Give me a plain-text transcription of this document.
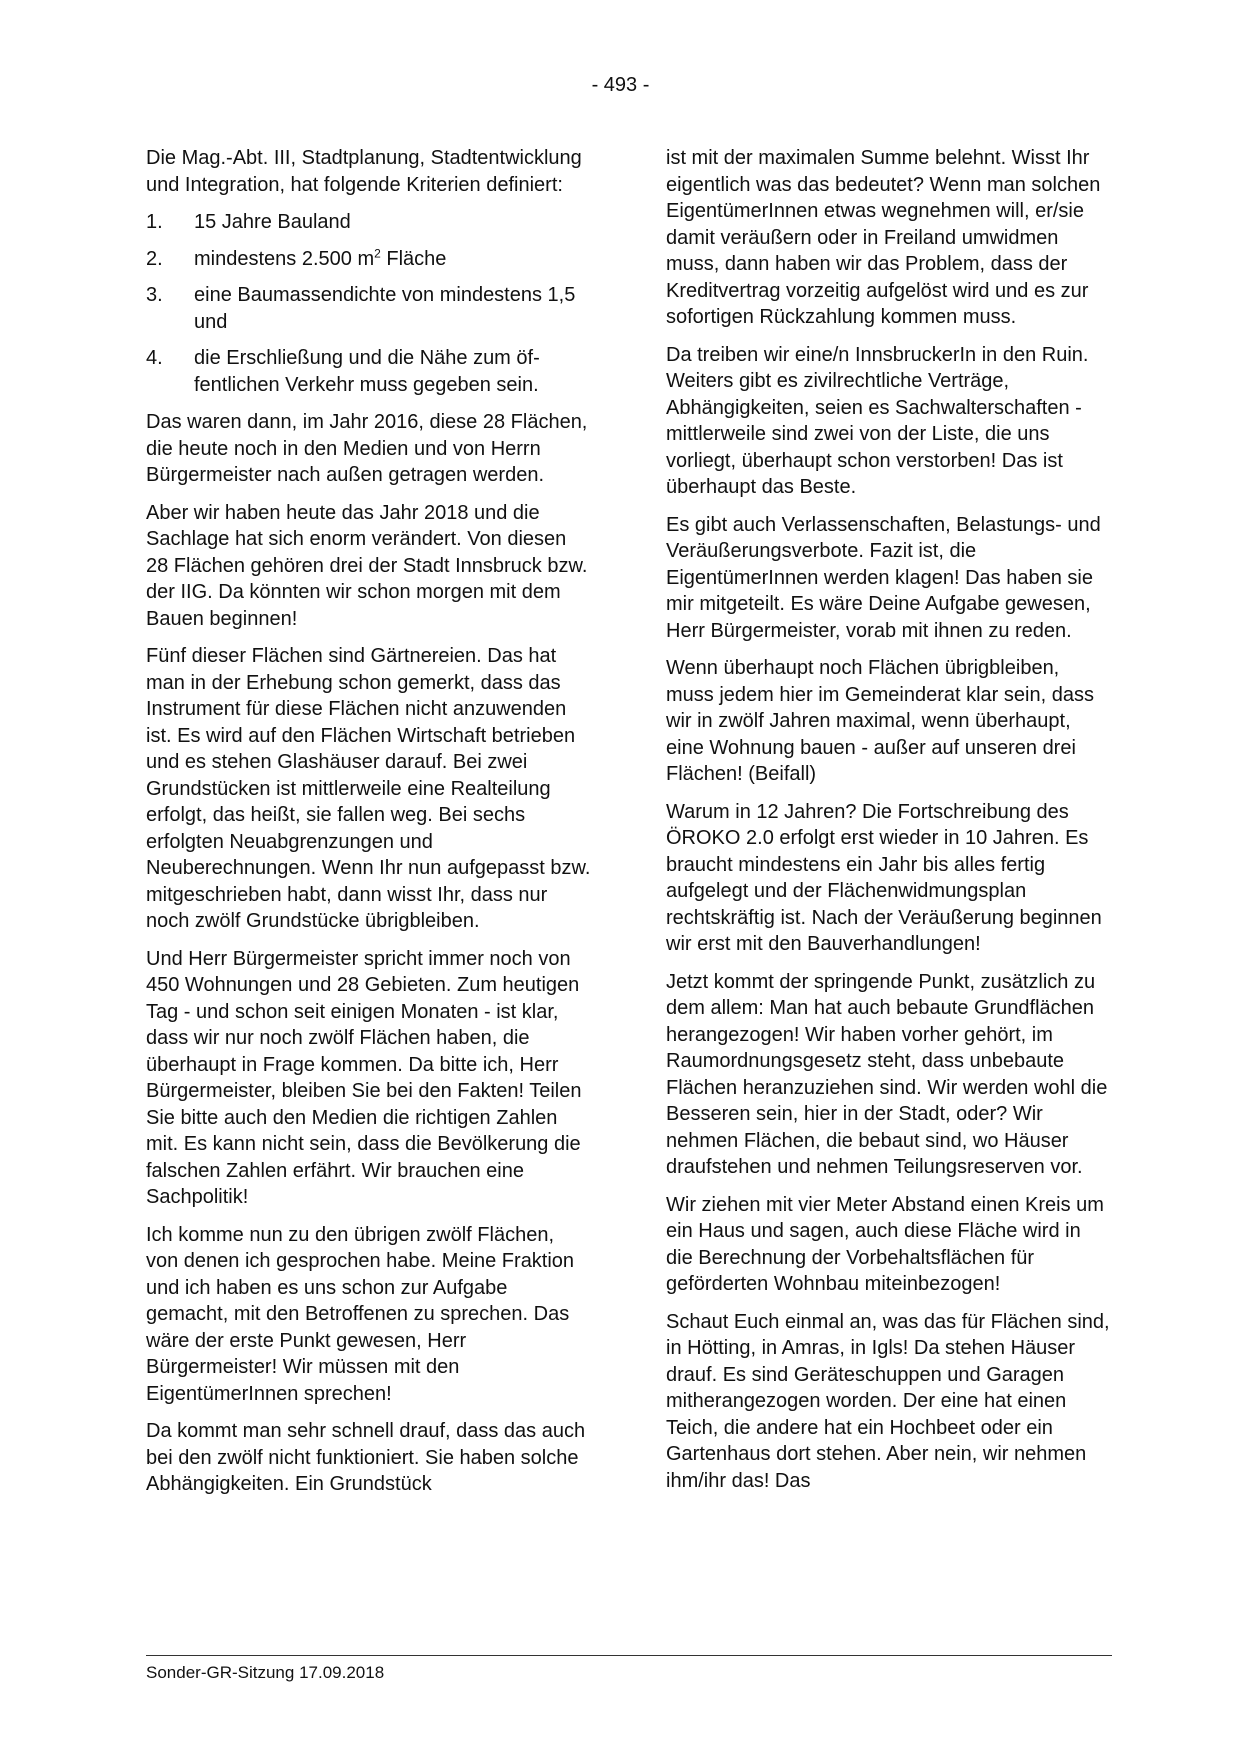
- 493 -

Die Mag.-Abt. III, Stadtplanung, Stadtentwicklung und Integration, hat folgende Kriterien definiert:

1. 15 Jahre Bauland
2. mindestens 2.500 $m^2$ Fläche
3. eine Baumassendichte von mindestens 1,5 und
4. die Erschließung und die Nähe zum öffentlichen Verkehr muss gegeben sein.

Das waren dann, im Jahr 2016, diese 28 Flächen, die heute noch in den Medien und von Herrn Bürgermeister nach außen getragen werden.

Aber wir haben heute das Jahr 2018 und die Sachlage hat sich enorm verändert. Von diesen 28 Flächen gehören drei der Stadt Innsbruck bzw. der IIG. Da könnten wir schon morgen mit dem Bauen beginnen!

Fünf dieser Flächen sind Gärtnereien. Das hat man in der Erhebung schon gemerkt, dass das Instrument für diese Flächen nicht anzuwenden ist. Es wird auf den Flächen Wirtschaft betrieben und es stehen Glashäuser darauf. Bei zwei Grundstücken ist mittlerweile eine Realteilung erfolgt, das heißt, sie fallen weg. Bei sechs erfolgten Neuabgrenzungen und Neuberechnungen. Wenn Ihr nun aufgepasst bzw. mitgeschrieben habt, dann wisst Ihr, dass nur noch zwölf Grundstücke übrigbleiben.

Und Herr Bürgermeister spricht immer noch von 450 Wohnungen und 28 Gebieten. Zum heutigen Tag - und schon seit einigen Monaten - ist klar, dass wir nur noch zwölf Flächen haben, die überhaupt in Frage kommen. Da bitte ich, Herr Bürgermeister, bleiben Sie bei den Fakten! Teilen Sie bitte auch den Medien die richtigen Zahlen mit. Es kann nicht sein, dass die Bevölkerung die falschen Zahlen erfährt. Wir brauchen eine Sachpolitik!

Ich komme nun zu den übrigen zwölf Flächen, von denen ich gesprochen habe. Meine Fraktion und ich haben es uns schon zur Aufgabe gemacht, mit den Betroffenen zu sprechen. Das wäre der erste Punkt gewesen, Herr Bürgermeister! Wir müssen mit den EigentümerInnen sprechen!

Da kommt man sehr schnell drauf, dass das auch bei den zwölf nicht funktioniert. Sie haben solche Abhängigkeiten. Ein Grundstück

ist mit der maximalen Summe belehnt. Wisst Ihr eigentlich was das bedeutet? Wenn man solchen EigentümerInnen etwas wegnehmen will, er/sie damit veräußern oder in Freiland umwidmen muss, dann haben wir das Problem, dass der Kreditvertrag vorzeitig aufgelöst wird und es zur sofortigen Rückzahlung kommen muss.

Da treiben wir eine/n InnsbruckerIn in den Ruin. Weiters gibt es zivilrechtliche Verträge, Abhängigkeiten, seien es Sachwalterschaften - mittlerweile sind zwei von der Liste, die uns vorliegt, überhaupt schon verstorben! Das ist überhaupt das Beste.

Es gibt auch Verlassenschaften, Belastungs- und Veräußerungsverbote. Fazit ist, die EigentümerInnen werden klagen! Das haben sie mir mitgeteilt. Es wäre Deine Aufgabe gewesen, Herr Bürgermeister, vorab mit ihnen zu reden.

Wenn überhaupt noch Flächen übrigbleiben, muss jedem hier im Gemeinderat klar sein, dass wir in zwölf Jahren maximal, wenn überhaupt, eine Wohnung bauen - außer auf unseren drei Flächen! (Beifall)

Warum in 12 Jahren? Die Fortschreibung des ÖROKO 2.0 erfolgt erst wieder in 10 Jahren. Es braucht mindestens ein Jahr bis alles fertig aufgelegt und der Flächenwidmungsplan rechtskräftig ist. Nach der Veräußerung beginnen wir erst mit den Bauverhandlungen!

Jetzt kommt der springende Punkt, zusätzlich zu dem allem: Man hat auch bebaute Grundflächen herangezogen! Wir haben vorher gehört, im Raumordnungsgesetz steht, dass unbebaute Flächen heranzuziehen sind. Wir werden wohl die Besseren sein, hier in der Stadt, oder? Wir nehmen Flächen, die bebaut sind, wo Häuser draufstehen und nehmen Teilungsreserven vor.

Wir ziehen mit vier Meter Abstand einen Kreis um ein Haus und sagen, auch diese Fläche wird in die Berechnung der Vorbehaltsflächen für geförderten Wohnbau miteinbezogen!

Schaut Euch einmal an, was das für Flächen sind, in Hötting, in Amras, in Igls! Da stehen Häuser drauf. Es sind Geräteschuppen und Garagen mitherangezogen worden. Der eine hat einen Teich, die andere hat ein Hochbeet oder ein Gartenhaus dort stehen. Aber nein, wir nehmen ihm/ihr das! Das

Sonder-GR-Sitzung 17.09.2018
